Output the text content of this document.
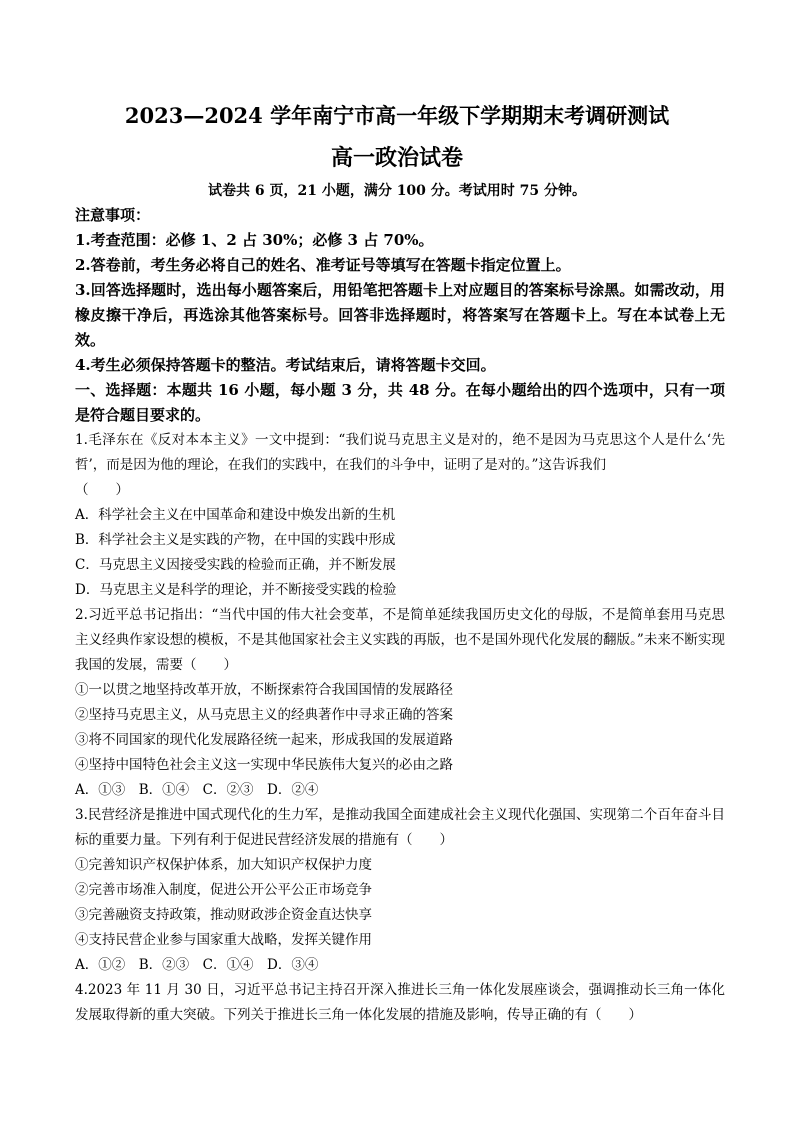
2023—2024 学年南宁市高一年级下学期期末考调研测试
高一政治试卷
试卷共 6 页，21 小题，满分 100 分。考试用时 75 分钟。
注意事项：
1.考查范围：必修 1、2 占 30%；必修 3 占 70%。
2.答卷前，考生务必将自己的姓名、准考证号等填写在答题卡指定位置上。
3.回答选择题时，选出每小题答案后，用铅笔把答题卡上对应题目的答案标号涂黑。如需改动，用橡皮擦干净后，再选涂其他答案标号。回答非选择题时，将答案写在答题卡上。写在本试卷上无效。
4.考生必须保持答题卡的整洁。考试结束后，请将答题卡交回。
一、选择题：本题共 16 小题，每小题 3 分，共 48 分。在每小题给出的四个选项中，只有一项是符合题目要求的。
1.毛泽东在《反对本本主义》一文中提到：“我们说马克思主义是对的，绝不是因为马克思这个人是什么‘先哲’，而是因为他的理论，在我们的实践中，在我们的斗争中，证明了是对的。”这告诉我们
（　　）
A．科学社会主义在中国革命和建设中焕发出新的生机
B．科学社会主义是实践的产物，在中国的实践中形成
C．马克思主义因接受实践的检验而正确，并不断发展
D．马克思主义是科学的理论，并不断接受实践的检验
2.习近平总书记指出：“当代中国的伟大社会变革，不是简单延续我国历史文化的母版，不是简单套用马克思主义经典作家设想的模板，不是其他国家社会主义实践的再版，也不是国外现代化发展的翻版。”未来不断实现我国的发展，需要（　　）
①一以贯之地坚持改革开放，不断探索符合我国国情的发展路径
②坚持马克思主义，从马克思主义的经典著作中寻求正确的答案
③将不同国家的现代化发展路径统一起来，形成我国的发展道路
④坚持中国特色社会主义这一实现中华民族伟大复兴的必由之路
A．①③　B．①④　C．②③　D．②④
3.民营经济是推进中国式现代化的生力军，是推动我国全面建成社会主义现代化强国、实现第二个百年奋斗目标的重要力量。下列有利于促进民营经济发展的措施有（　　）
①完善知识产权保护体系，加大知识产权保护力度
②完善市场准入制度，促进公开公平公正市场竞争
③完善融资支持政策，推动财政涉企资金直达快享
④支持民营企业参与国家重大战略，发挥关键作用
A．①②　B．②③　C．①④　D．③④
4.2023 年 11 月 30 日，习近平总书记主持召开深入推进长三角一体化发展座谈会，强调推动长三角一体化发展取得新的重大突破。下列关于推进长三角一体化发展的措施及影响，传导正确的有（　　）
